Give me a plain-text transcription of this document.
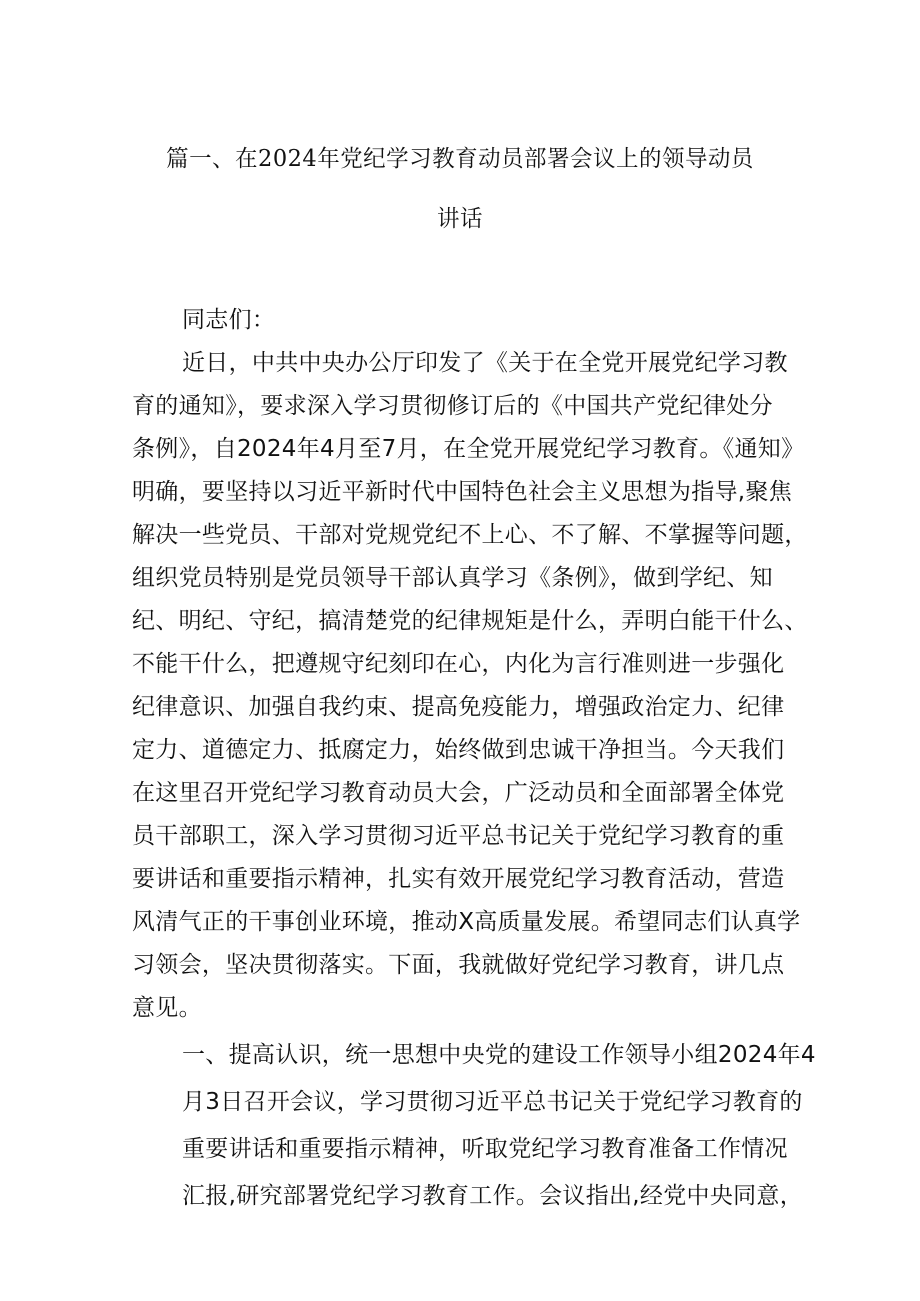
篇一、在2024年党纪学习教育动员部署会议上的领导动员
讲话
同志们：
近日，中共中央办公厅印发了《关于在全党开展党纪学习教
育的通知》，要求深入学习贯彻修订后的《中国共产党纪律处分
条例》，自2024年4月至7月，在全党开展党纪学习教育。《通知》
明确，要坚持以习近平新时代中国特色社会主义思想为指导,聚焦
解决一些党员、干部对党规党纪不上心、不了解、不掌握等问题，
组织党员特别是党员领导干部认真学习《条例》，做到学纪、知
纪、明纪、守纪，搞清楚党的纪律规矩是什么，弄明白能干什么、
不能干什么，把遵规守纪刻印在心，内化为言行准则进一步强化
纪律意识、加强自我约束、提高免疫能力，增强政治定力、纪律
定力、道德定力、抵腐定力，始终做到忠诚干净担当。今天我们
在这里召开党纪学习教育动员大会，广泛动员和全面部署全体党
员干部职工，深入学习贯彻习近平总书记关于党纪学习教育的重
要讲话和重要指示精神，扎实有效开展党纪学习教育活动，营造
风清气正的干事创业环境，推动X高质量发展。希望同志们认真学
习领会，坚决贯彻落实。下面，我就做好党纪学习教育，讲几点
意见。
一、提高认识，统一思想中央党的建设工作领导小组2024年4
月3日召开会议，学习贯彻习近平总书记关于党纪学习教育的
重要讲话和重要指示精神，听取党纪学习教育准备工作情况
汇报,研究部署党纪学习教育工作。会议指出,经党中央同意，
